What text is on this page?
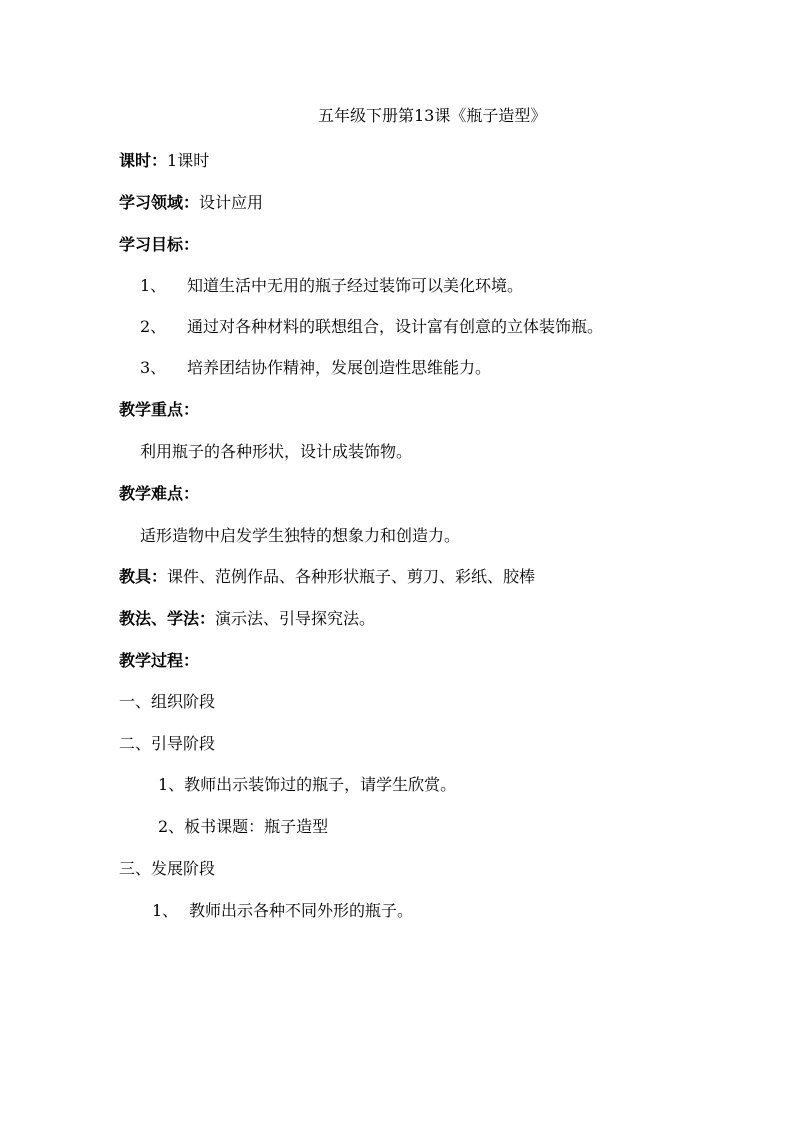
五年级下册第13课《瓶子造型》
课时：1课时
学习领域：设计应用
学习目标：
1、 知道生活中无用的瓶子经过装饰可以美化环境。
2、 通过对各种材料的联想组合，设计富有创意的立体装饰瓶。
3、 培养团结协作精神，发展创造性思维能力。
教学重点：
利用瓶子的各种形状，设计成装饰物。
教学难点：
适形造物中启发学生独特的想象力和创造力。
教具：课件、范例作品、各种形状瓶子、剪刀、彩纸、胶棒
教法、学法：演示法、引导探究法。
教学过程：
一、组织阶段
二、引导阶段
1、教师出示装饰过的瓶子，请学生欣赏。
2、板书课题：瓶子造型
三、发展阶段
1、 教师出示各种不同外形的瓶子。
